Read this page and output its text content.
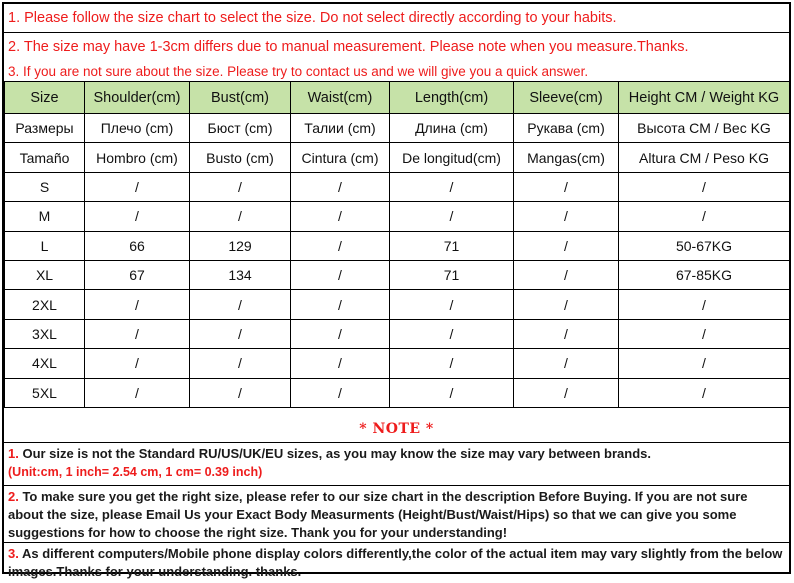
1. Please follow the size chart to select the size. Do not select directly according to your habits.
2. The size may have 1-3cm differs due to manual measurement. Please note when you measure.Thanks.
3. If you are not sure about the size. Please try to contact us and we will give you a quick answer.
Size	Shoulder(cm)	Bust(cm)	Waist(cm)	Length(cm)	Sleeve(cm)	Height CM / Weight KG
Размеры	Плечо (cm)	Бюст (cm)	Талии (cm)	Длина (cm)	Рукава (cm)	Высота CM / Вес KG
Tamaño	Hombro (cm)	Busto (cm)	Cintura (cm)	De longitud(cm)	Mangas(cm)	Altura CM / Peso KG
S	/	/	/	/	/	/
M	/	/	/	/	/	/
L	66	129	/	71	/	50-67KG
XL	67	134	/	71	/	67-85KG
2XL	/	/	/	/	/	/
3XL	/	/	/	/	/	/
4XL	/	/	/	/	/	/
5XL	/	/	/	/	/	/
* NOTE *
1. Our size is not the Standard RU/US/UK/EU sizes, as you may know the size may vary between brands.
(Unit:cm, 1 inch= 2.54 cm, 1 cm= 0.39 inch)
2. To make sure you get the right size, please refer to our size chart in the description Before Buying. If you are not sure about the size, please Email Us your Exact Body Measurments (Height/Bust/Waist/Hips) so that we can give you some suggestions for how to choose the right size. Thank you for your understanding!
3. As different computers/Mobile phone display colors differently,the color of the actual item may vary slightly from the below images.Thanks for your understanding. thanks.
